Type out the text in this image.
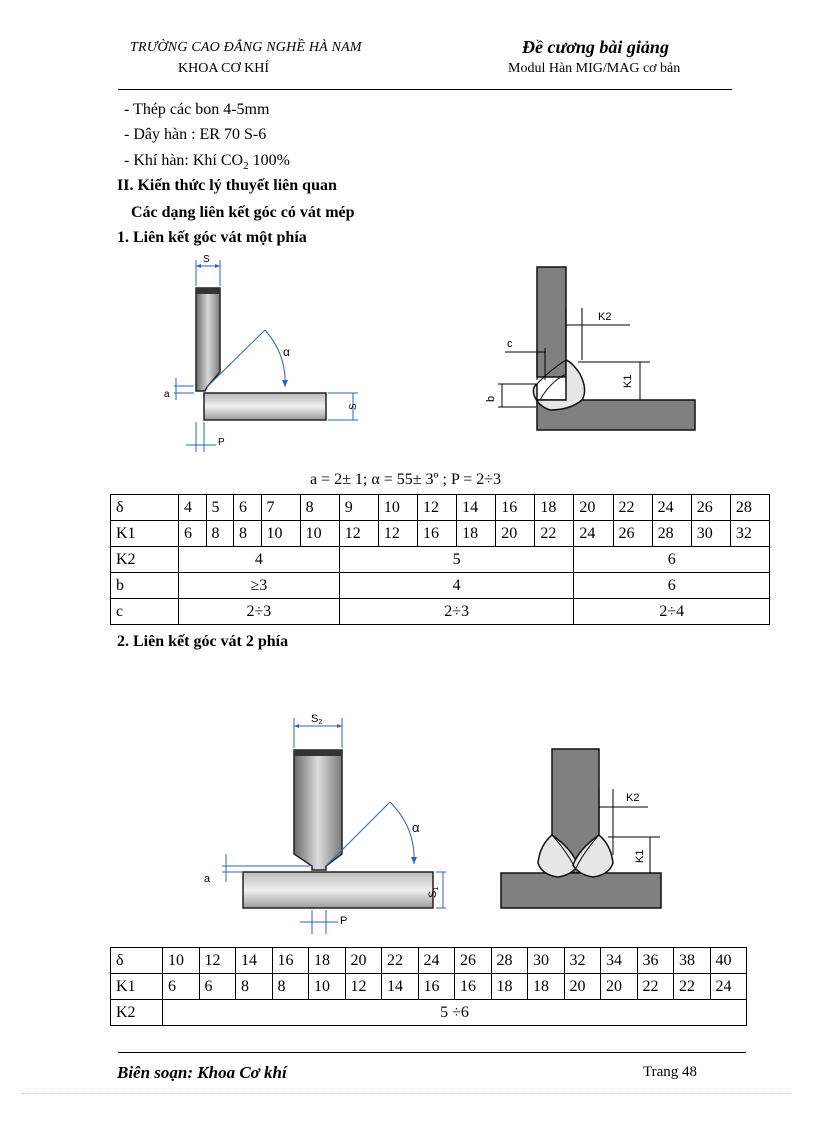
TRƯỜNG CAO ĐẲNG NGHỀ HÀ NAM
KHOA CƠ KHÍ
Đề cương bài giảng
Modul Hàn MIG/MAG cơ bản
- Thép các bon 4-5mm
- Dây hàn : ER 70 S-6
- Khí hàn: Khí $CO_2$ 100%
II. Kiến thức lý thuyết liên quan
Các dạng liên kết góc có vát mép
1. Liên kết góc vát một phía
S
α
a
S
P
c
K2
K1
b
a = 2± 1; α = 55± 3º ; P = 2÷3
δ	4	5	6	7	8	9	10	12	14	16	18	20	22	24	26	28
K1	6	8	8	10	10	12	12	16	18	20	22	24	26	28	30	32
K2	4					5						6				
b	≥3					4						6				
c	2÷3					2÷3						2÷4				
2. Liên kết góc vát 2 phía
S2
α
a
S1
P
K2
K1
δ	10	12	14	16	18	20	22	24	26	28	30	32	34	36	38	40
K1	6	6	8	8	10	12	14	16	16	18	18	20	20	22	22	24
K2	5 ÷6															
Biên soạn: Khoa Cơ khí	Trang 48
